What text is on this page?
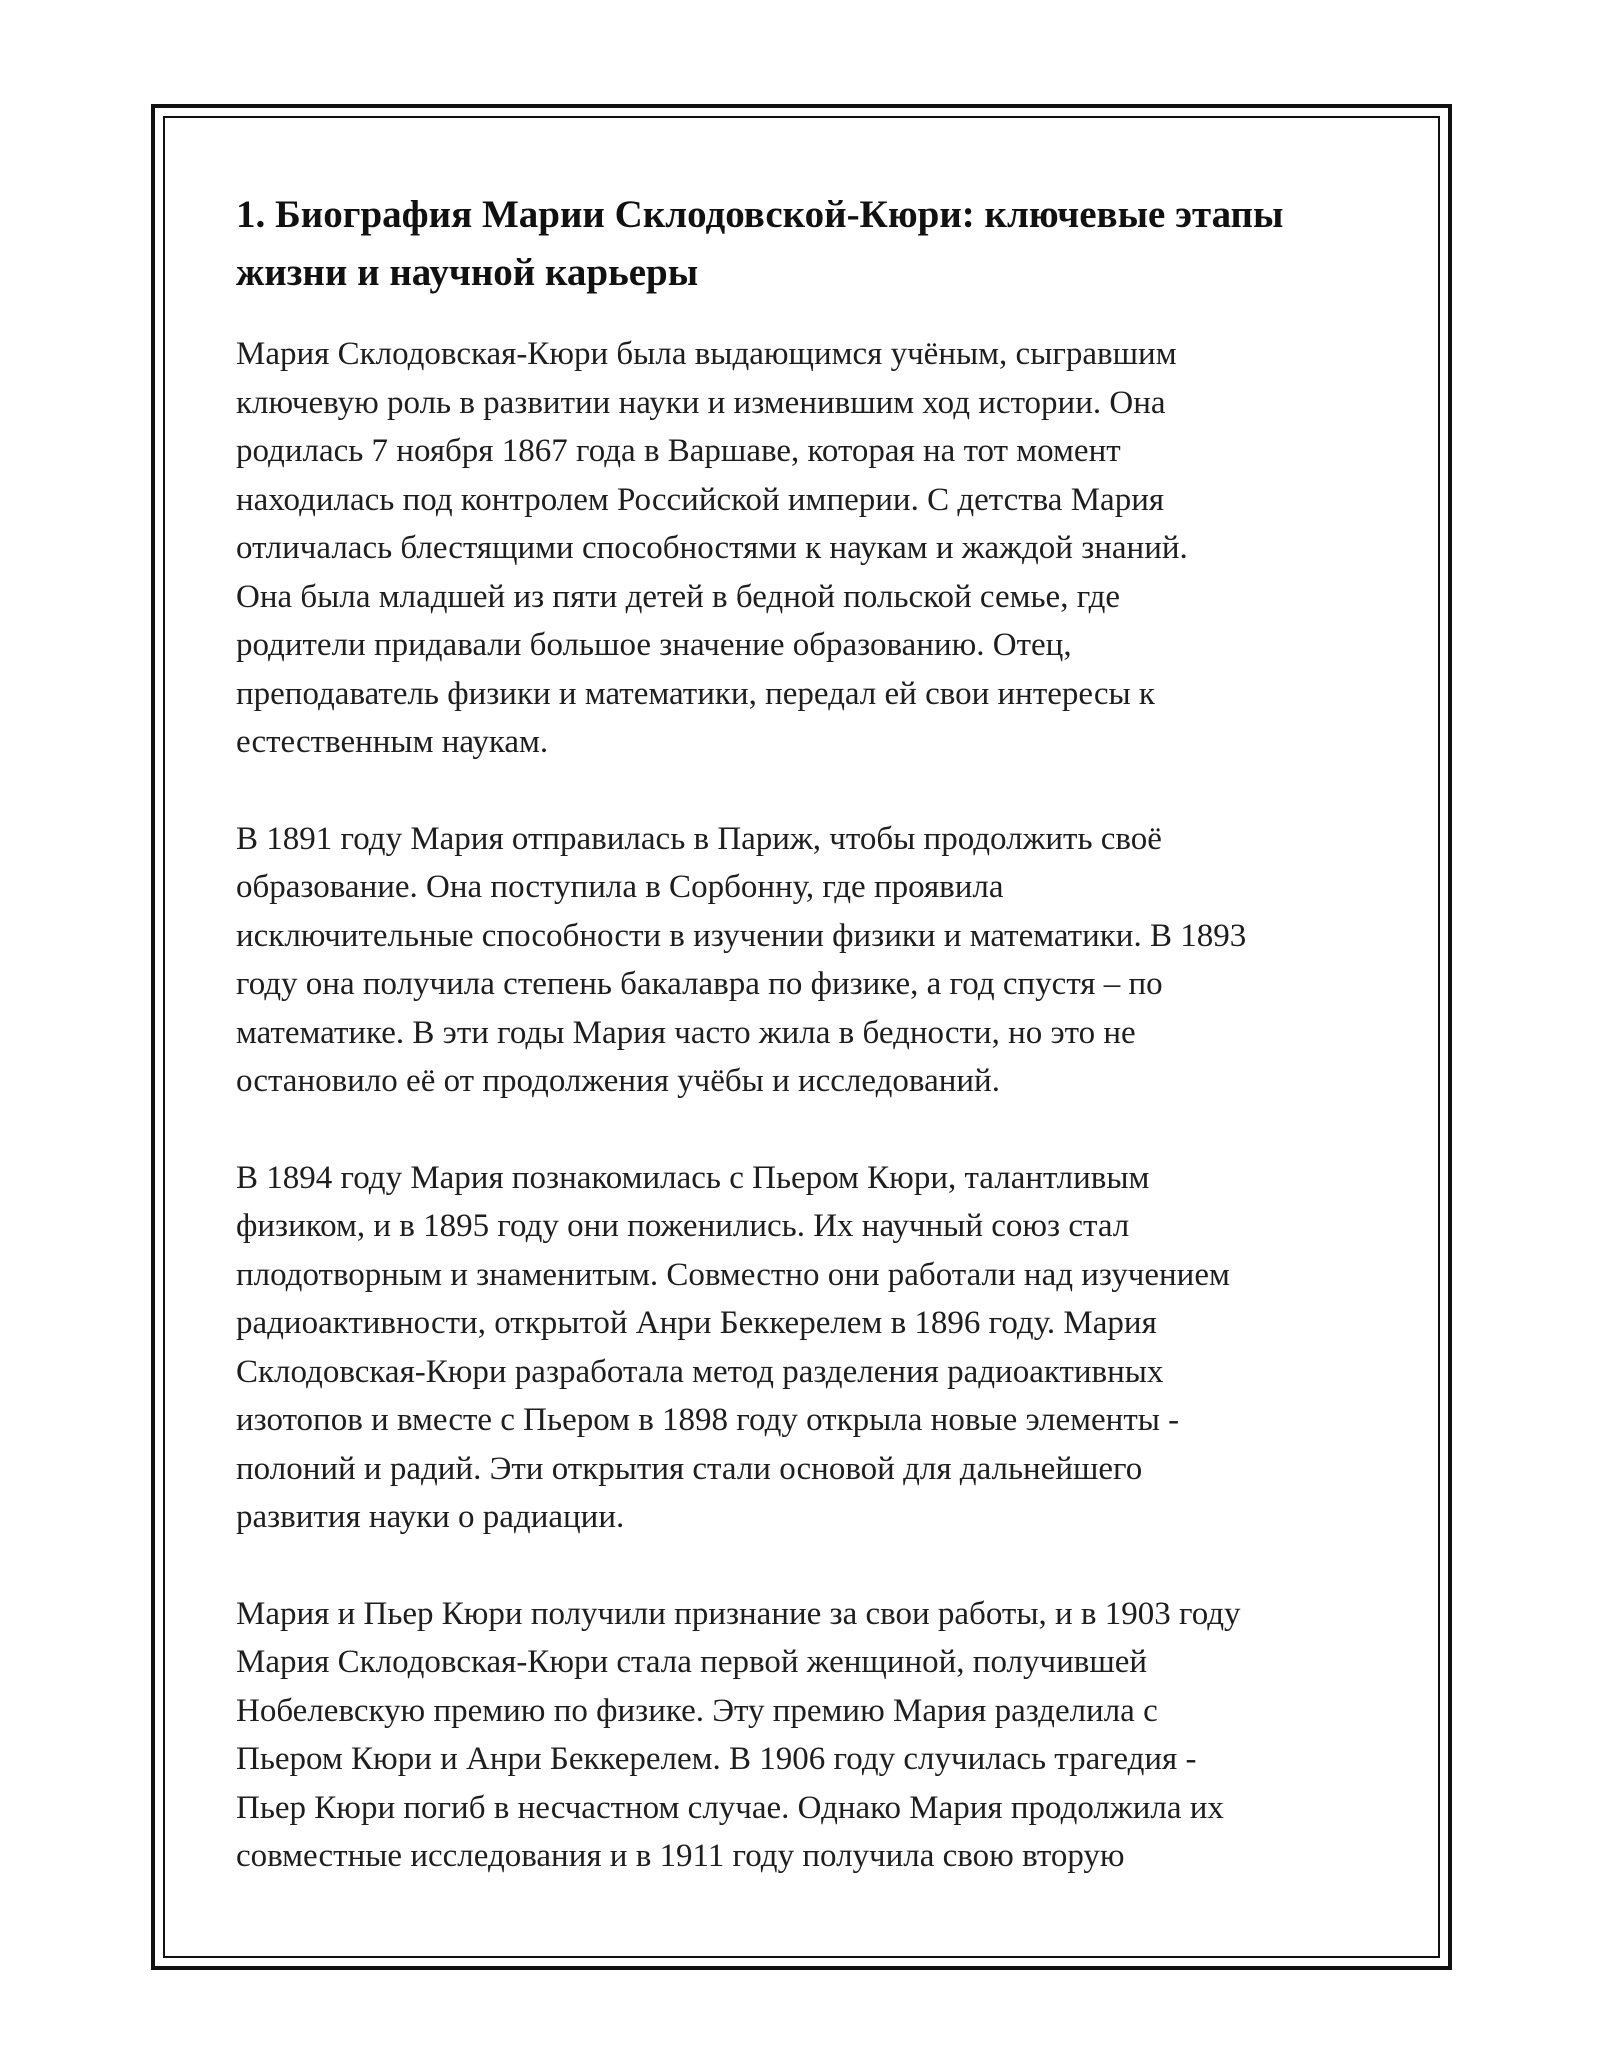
1. Биография Марии Склодовской-Кюри: ключевые этапы
жизни и научной карьеры

Мария Склодовская-Кюри была выдающимся учёным, сыгравшим
ключевую роль в развитии науки и изменившим ход истории. Она
родилась 7 ноября 1867 года в Варшаве, которая на тот момент
находилась под контролем Российской империи. С детства Мария
отличалась блестящими способностями к наукам и жаждой знаний.
Она была младшей из пяти детей в бедной польской семье, где
родители придавали большое значение образованию. Отец,
преподаватель физики и математики, передал ей свои интересы к
естественным наукам.

В 1891 году Мария отправилась в Париж, чтобы продолжить своё
образование. Она поступила в Сорбонну, где проявила
исключительные способности в изучении физики и математики. В 1893
году она получила степень бакалавра по физике, а год спустя – по
математике. В эти годы Мария часто жила в бедности, но это не
остановило её от продолжения учёбы и исследований.

В 1894 году Мария познакомилась с Пьером Кюри, талантливым
физиком, и в 1895 году они поженились. Их научный союз стал
плодотворным и знаменитым. Совместно они работали над изучением
радиоактивности, открытой Анри Беккерелем в 1896 году. Мария
Склодовская-Кюри разработала метод разделения радиоактивных
изотопов и вместе с Пьером в 1898 году открыла новые элементы -
полоний и радий. Эти открытия стали основой для дальнейшего
развития науки о радиации.

Мария и Пьер Кюри получили признание за свои работы, и в 1903 году
Мария Склодовская-Кюри стала первой женщиной, получившей
Нобелевскую премию по физике. Эту премию Мария разделила с
Пьером Кюри и Анри Беккерелем. В 1906 году случилась трагедия -
Пьер Кюри погиб в несчастном случае. Однако Мария продолжила их
совместные исследования и в 1911 году получила свою вторую
